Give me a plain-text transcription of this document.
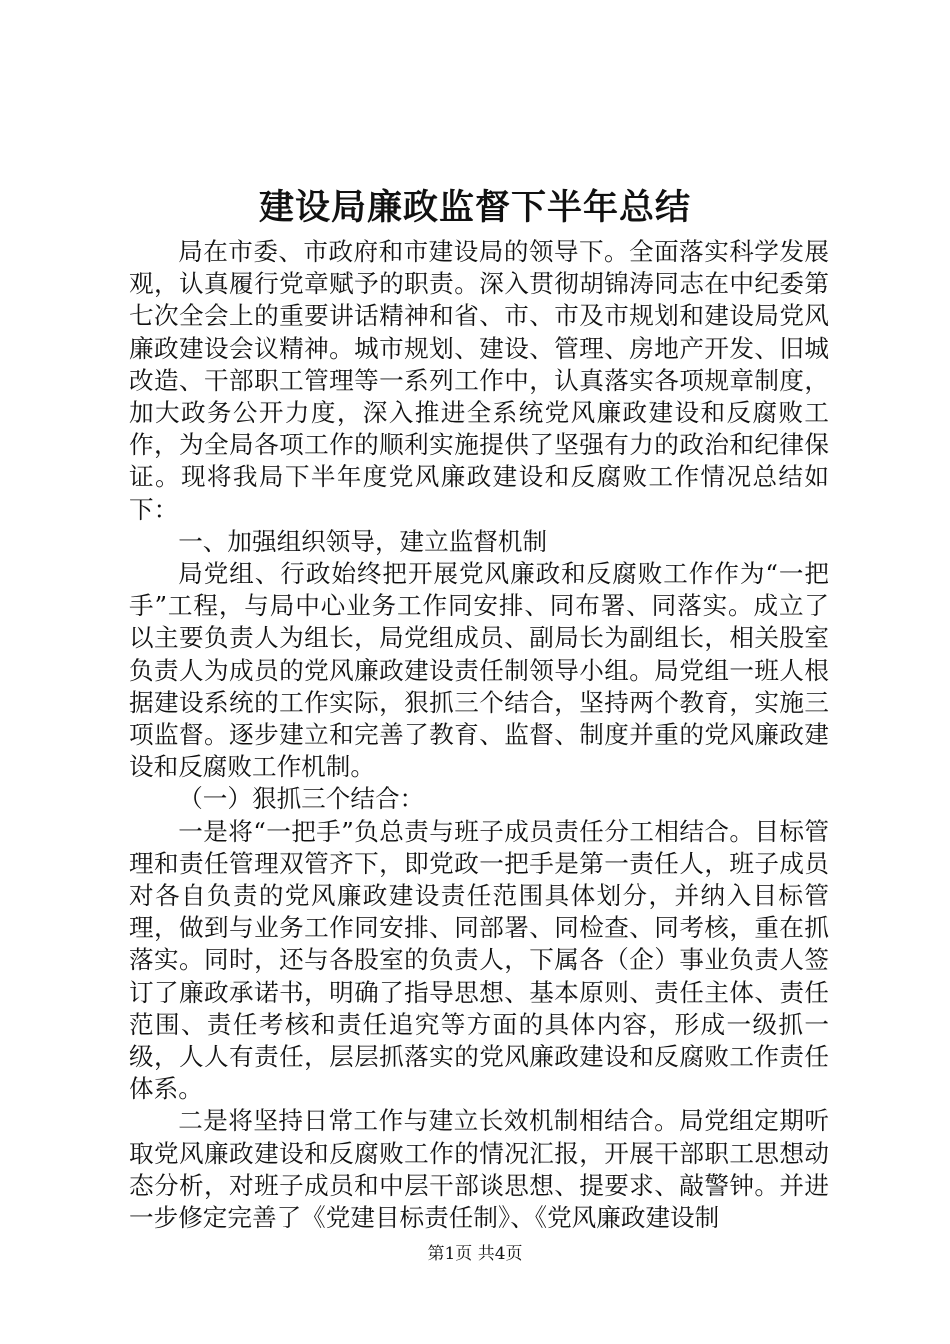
建设局廉政监督下半年总结

局在市委、市政府和市建设局的领导下。全面落实科学发展观，认真履行党章赋予的职责。深入贯彻胡锦涛同志在中纪委第七次全会上的重要讲话精神和省、市、市及市规划和建设局党风廉政建设会议精神。城市规划、建设、管理、房地产开发、旧城改造、干部职工管理等一系列工作中，认真落实各项规章制度，加大政务公开力度，深入推进全系统党风廉政建设和反腐败工作，为全局各项工作的顺利实施提供了坚强有力的政治和纪律保证。现将我局下半年度党风廉政建设和反腐败工作情况总结如下：

一、加强组织领导，建立监督机制

局党组、行政始终把开展党风廉政和反腐败工作作为“一把手”工程，与局中心业务工作同安排、同布署、同落实。成立了以主要负责人为组长，局党组成员、副局长为副组长，相关股室负责人为成员的党风廉政建设责任制领导小组。局党组一班人根据建设系统的工作实际，狠抓三个结合，坚持两个教育，实施三项监督。逐步建立和完善了教育、监督、制度并重的党风廉政建设和反腐败工作机制。

（一）狠抓三个结合：

一是将“一把手”负总责与班子成员责任分工相结合。目标管理和责任管理双管齐下，即党政一把手是第一责任人，班子成员对各自负责的党风廉政建设责任范围具体划分，并纳入目标管理，做到与业务工作同安排、同部署、同检查、同考核，重在抓落实。同时，还与各股室的负责人，下属各（企）事业负责人签订了廉政承诺书，明确了指导思想、基本原则、责任主体、责任范围、责任考核和责任追究等方面的具体内容，形成一级抓一级，人人有责任，层层抓落实的党风廉政建设和反腐败工作责任体系。

二是将坚持日常工作与建立长效机制相结合。局党组定期听取党风廉政建设和反腐败工作的情况汇报，开展干部职工思想动态分析，对班子成员和中层干部谈思想、提要求、敲警钟。并进一步修定完善了《党建目标责任制》、《党风廉政建设制

第1页 共4页
